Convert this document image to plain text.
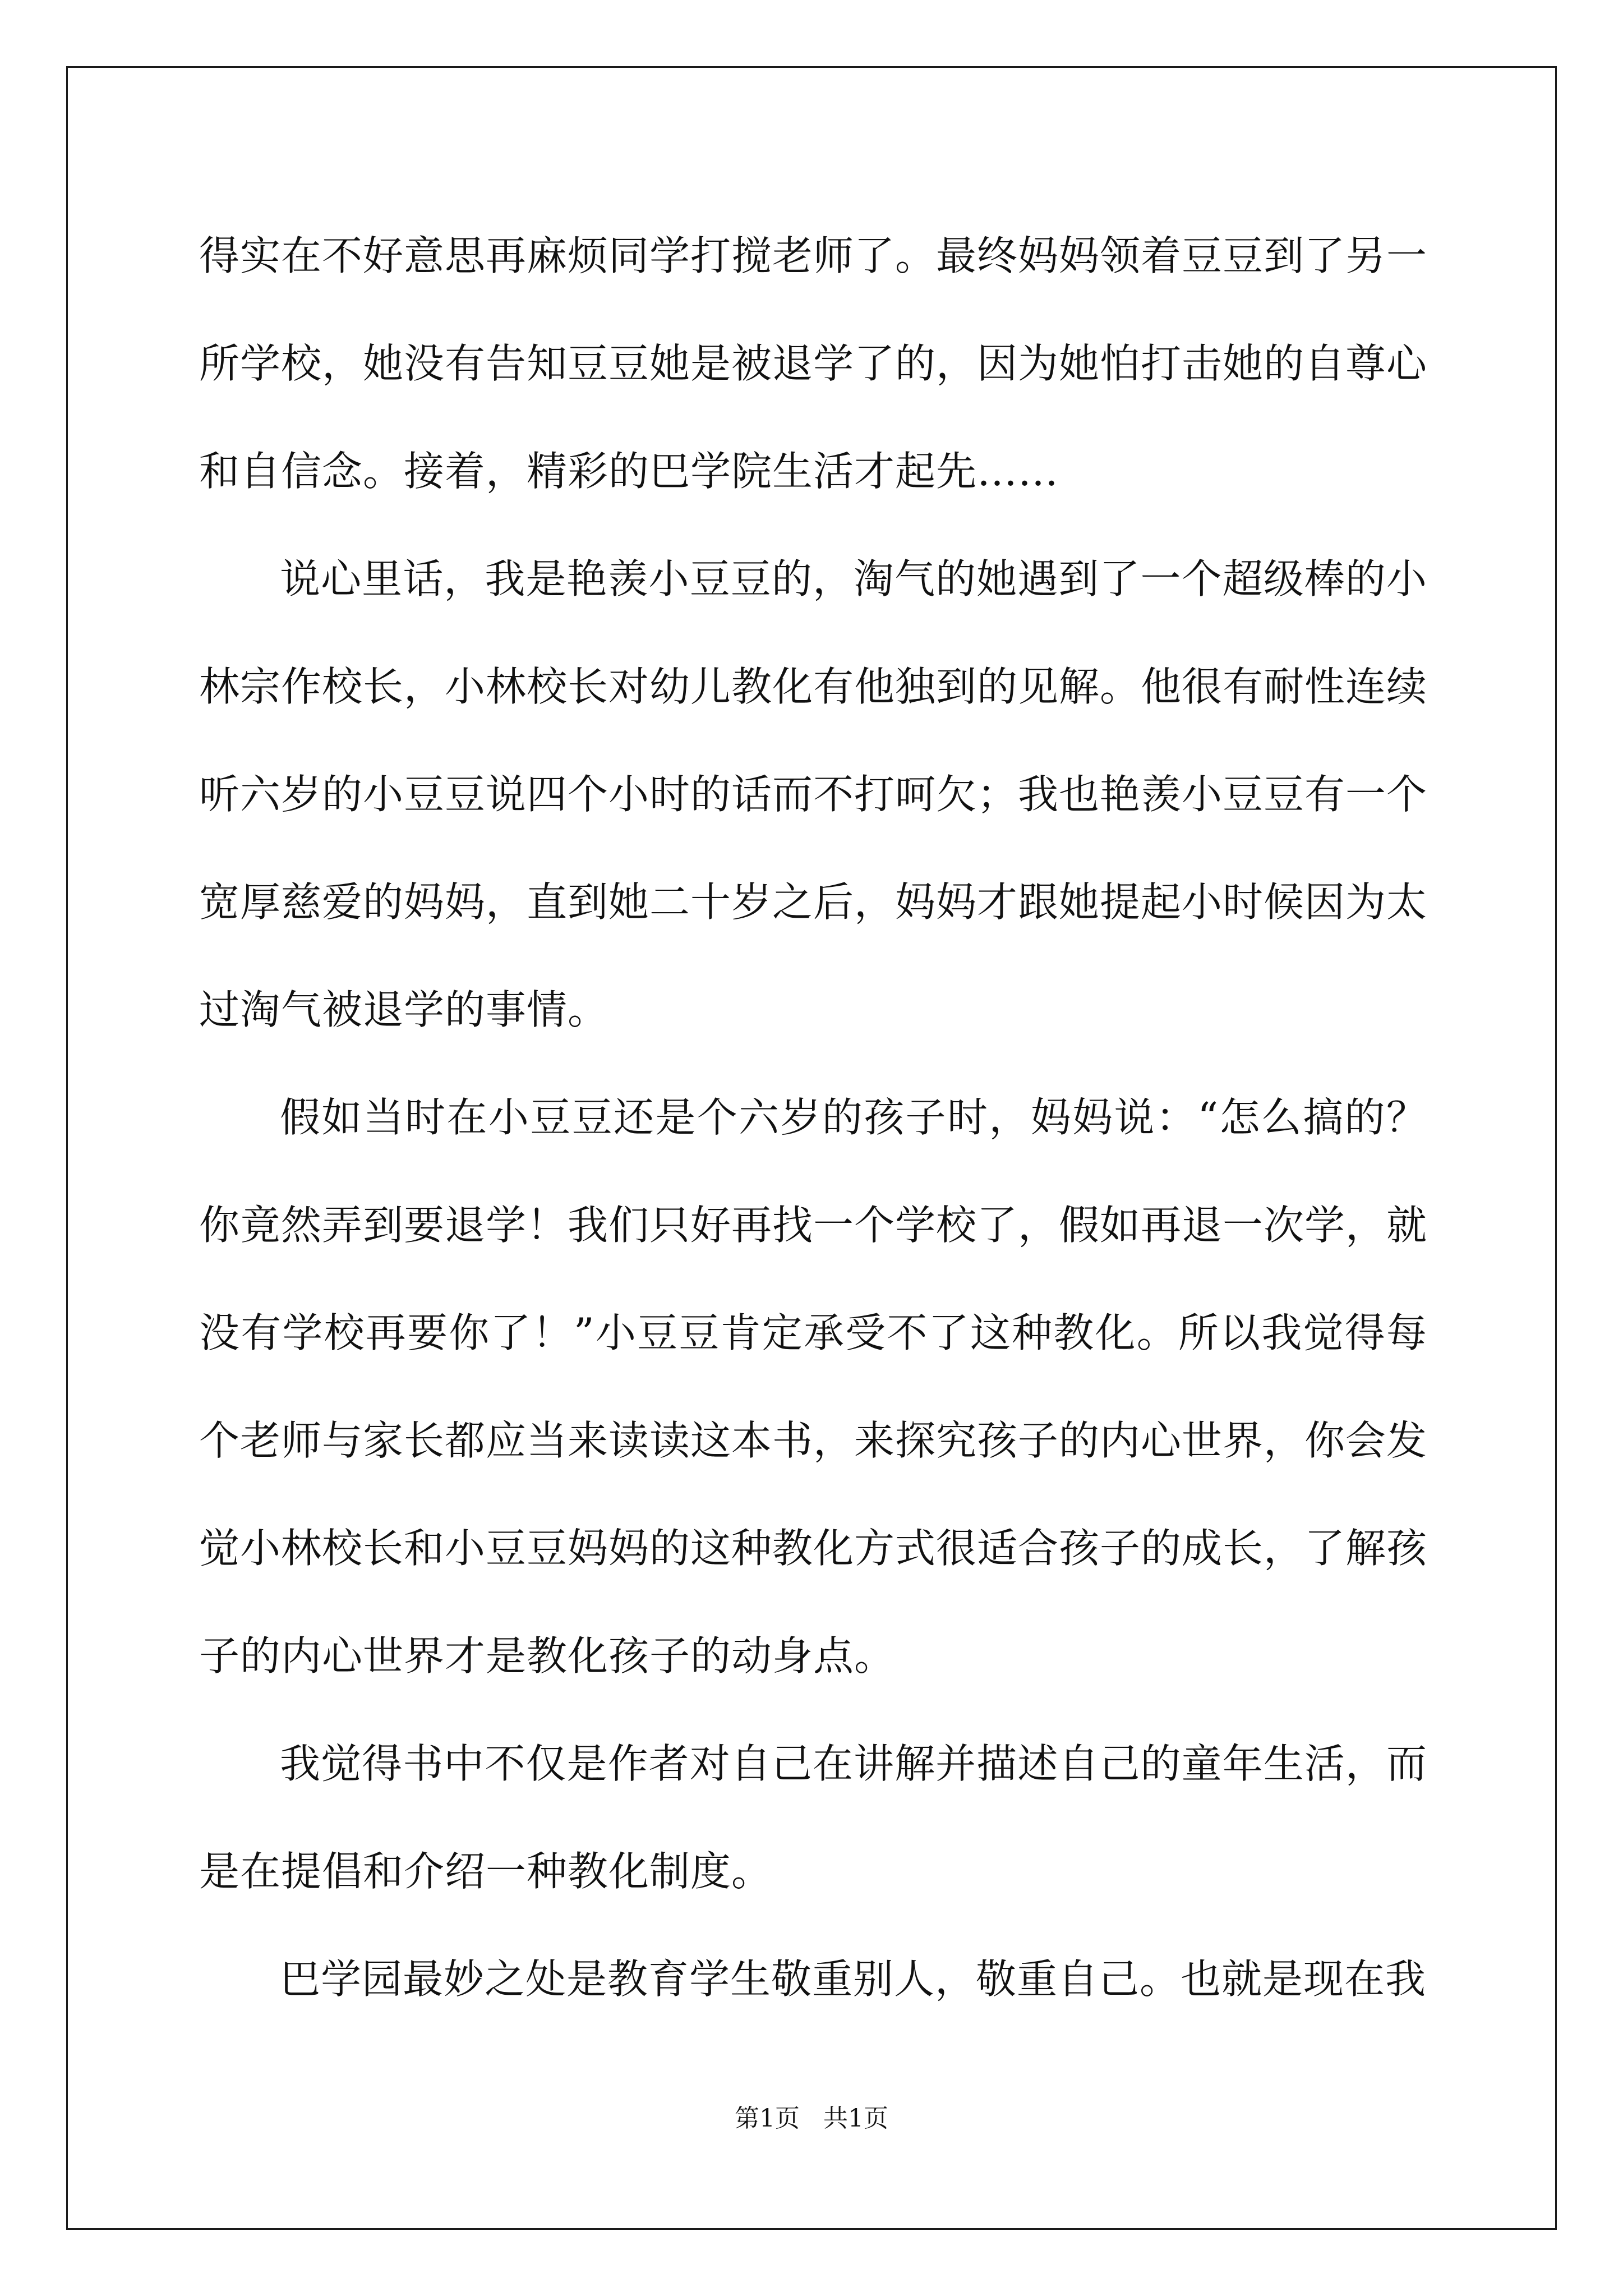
得实在不好意思再麻烦同学打搅老师了。最终妈妈领着豆豆到了另一所学校，她没有告知豆豆她是被退学了的，因为她怕打击她的自尊心和自信念。接着，精彩的巴学院生活才起先……

说心里话，我是艳羡小豆豆的，淘气的她遇到了一个超级棒的小林宗作校长，小林校长对幼儿教化有他独到的见解。他很有耐性连续听六岁的小豆豆说四个小时的话而不打呵欠；我也艳羡小豆豆有一个宽厚慈爱的妈妈，直到她二十岁之后，妈妈才跟她提起小时候因为太过淘气被退学的事情。

假如当时在小豆豆还是个六岁的孩子时，妈妈说：“怎么搞的？你竟然弄到要退学！我们只好再找一个学校了，假如再退一次学，就没有学校再要你了！”小豆豆肯定承受不了这种教化。所以我觉得每个老师与家长都应当来读读这本书，来探究孩子的内心世界，你会发觉小林校长和小豆豆妈妈的这种教化方式很适合孩子的成长，了解孩子的内心世界才是教化孩子的动身点。

我觉得书中不仅是作者对自己在讲解并描述自己的童年生活，而是在提倡和介绍一种教化制度。

巴学园最妙之处是教育学生敬重别人，敬重自己。也就是现在我

第1页 共1页
